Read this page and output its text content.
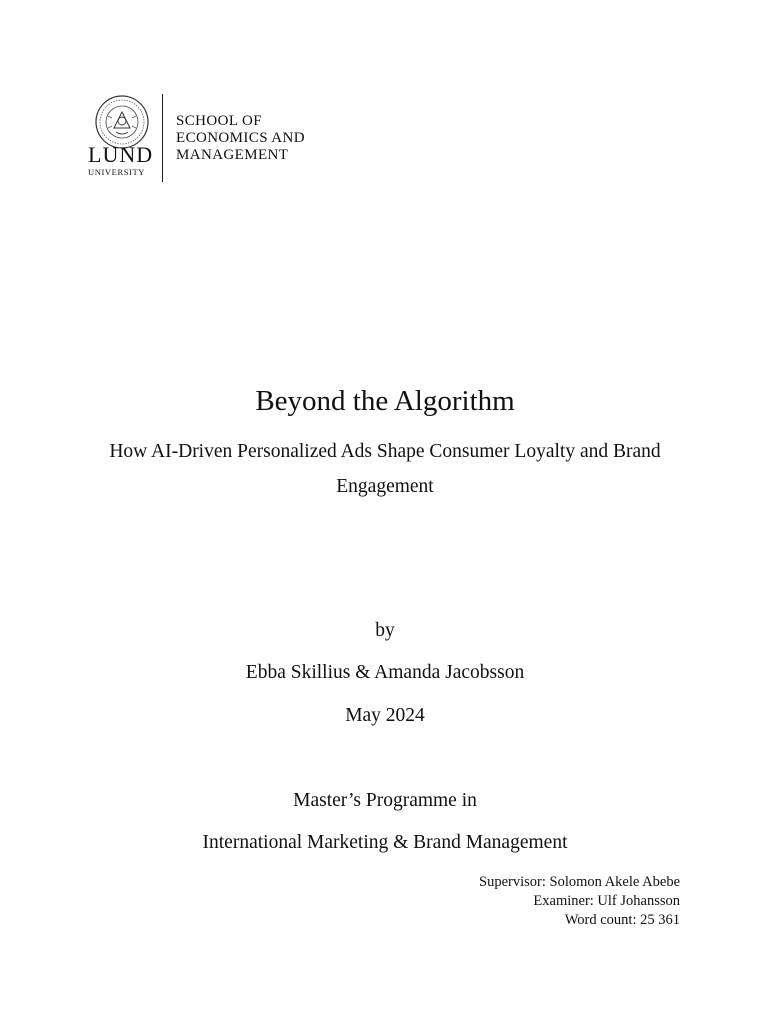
LUND
UNIVERSITY
SCHOOL OF
ECONOMICS AND
MANAGEMENT
Beyond the Algorithm
How AI-Driven Personalized Ads Shape Consumer Loyalty and Brand Engagement
by
Ebba Skillius & Amanda Jacobsson
May 2024
Master’s Programme in
International Marketing & Brand Management
Supervisor: Solomon Akele Abebe
Examiner: Ulf Johansson
Word count: 25 361
